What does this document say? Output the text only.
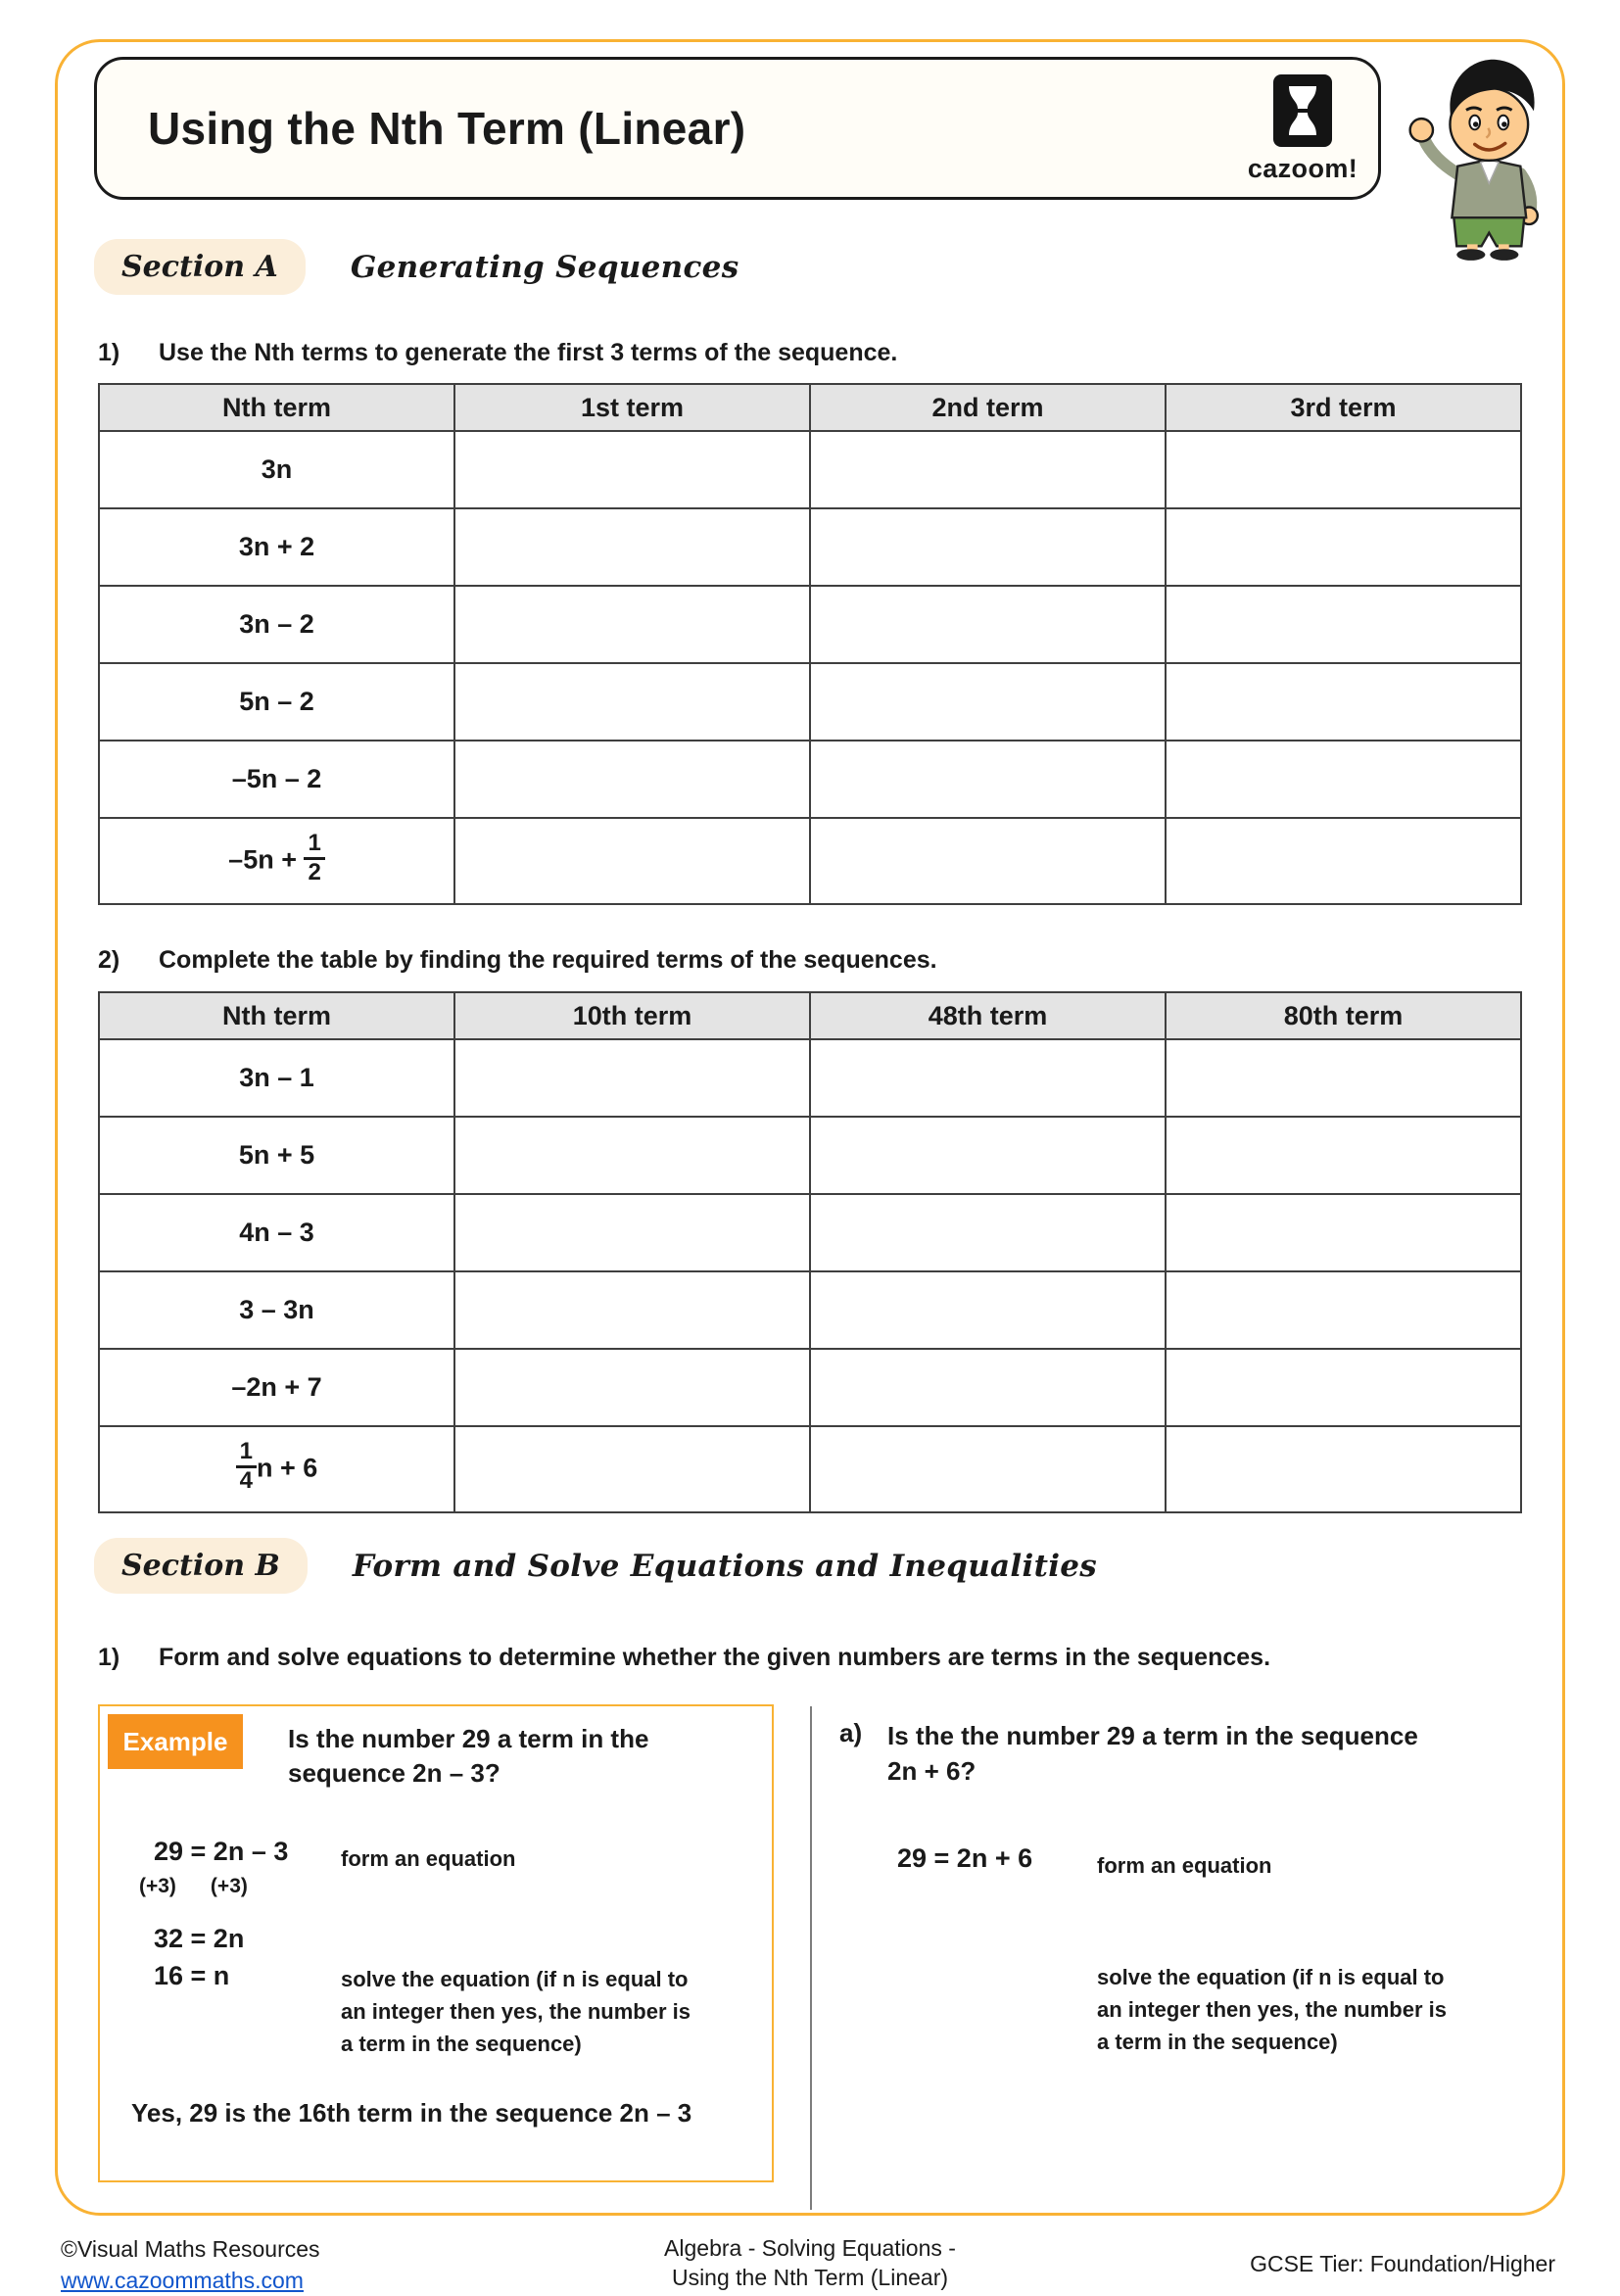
Using the Nth Term (Linear)
cazoom!
Section A	Generating Sequences
1)	Use the Nth terms to generate the first 3 terms of the sequence.
Nth term	1st term	2nd term	3rd term
3n			
3n + 2			
3n – 2			
5n – 2			
–5n – 2			
$-5n + \frac{1}{2}$

2)	Complete the table by finding the required terms of the sequences.
Nth term	10th term	48th term	80th term
3n – 1			
5n + 5			
4n – 3			
3 – 3n			
–2n + 7			

$\frac{1}{4}$ n + 6			
Section B	Form and Solve Equations and Inequalities
1)	Form and solve equations to determine whether the given numbers are terms in the sequences.
Example	Is the number 29 a term in the
sequence 2n – 3?
29 = 2n – 3 form an equation
(+3)      (+3)
32 = 2n
16 = n	solve the equation (if n is equal to
an integer then yes, the number is
a term in the sequence)
Yes, 29 is the 16th term in the sequence 2n – 3
a) Is the the number 29 a term in the sequence
2n + 6?
29 = 2n + 6	form an equation
solve the equation (if n is equal to
an integer then yes, the number is
a term in the sequence)
©Visual Maths Resources
www.cazoommaths.com
Algebra - Solving Equations -
Using the Nth Term (Linear)
GCSE Tier: Foundation/Higher
